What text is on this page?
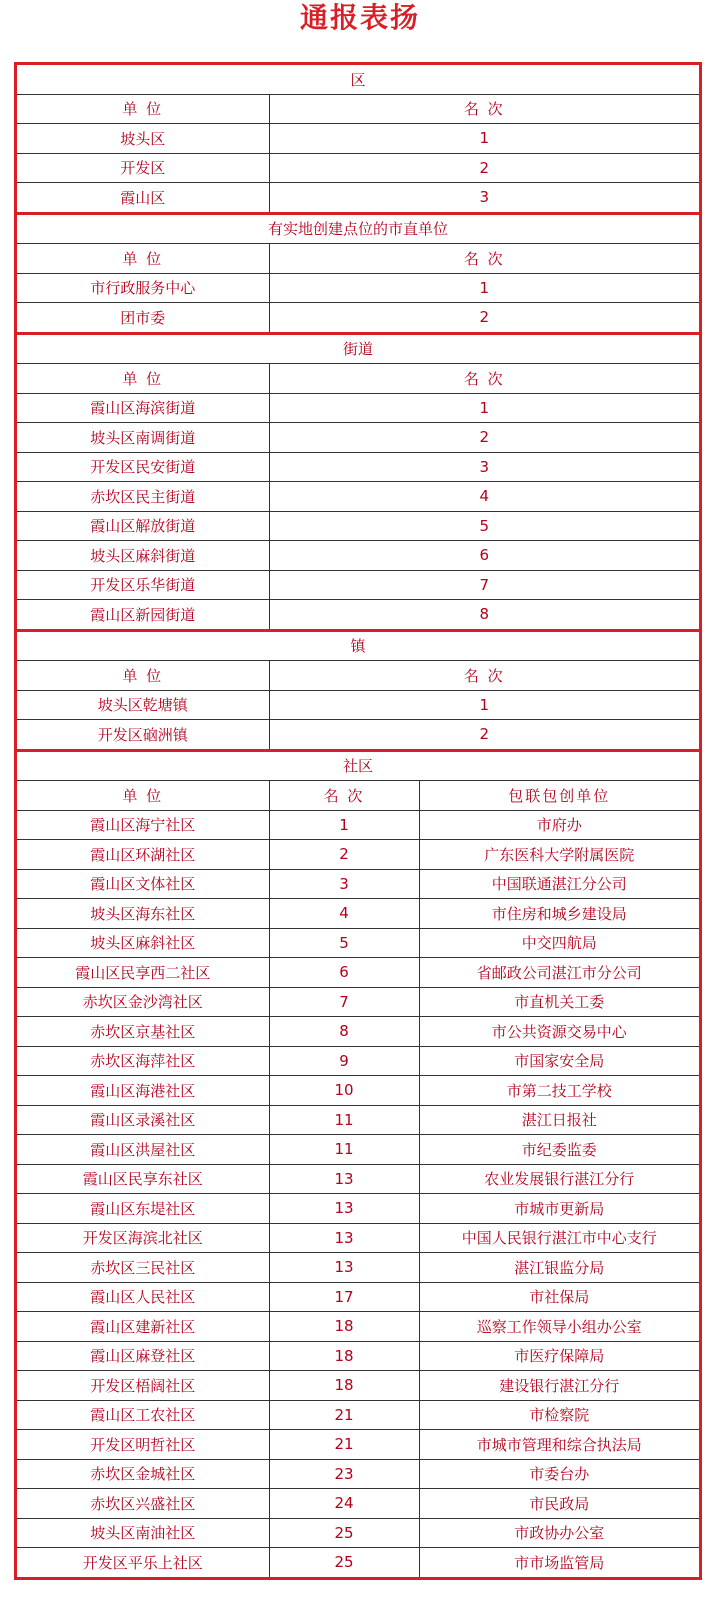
通报表扬
区	
单 位	名 次
坡头区	1
开发区	2
霞山区	3
有实地创建点位的市直单位	
单 位	名 次
市行政服务中心	1
团市委	2
街道	
单 位	名 次
霞山区海滨街道	1
坡头区南调街道	2
开发区民安街道	3
赤坎区民主街道	4
霞山区解放街道	5
坡头区麻斜街道	6
开发区乐华街道	7
霞山区新园街道	8
镇	
单 位	名 次
坡头区乾塘镇	1
开发区硇洲镇	2
社区		
单 位	名 次	包联包创单位
霞山区海宁社区	1	市府办
霞山区环湖社区	2	广东医科大学附属医院
霞山区文体社区	3	中国联通湛江分公司
坡头区海东社区	4	市住房和城乡建设局
坡头区麻斜社区	5	中交四航局
霞山区民享西二社区	6	省邮政公司湛江市分公司
赤坎区金沙湾社区	7	市直机关工委
赤坎区京基社区	8	市公共资源交易中心
赤坎区海萍社区	9	市国家安全局
霞山区海港社区	10	市第二技工学校
霞山区录溪社区	11	湛江日报社
霞山区洪屋社区	11	市纪委监委
霞山区民享东社区	13	农业发展银行湛江分行
霞山区东堤社区	13	市城市更新局
开发区海滨北社区	13	中国人民银行湛江市中心支行
赤坎区三民社区	13	湛江银监分局
霞山区人民社区	17	市社保局
霞山区建新社区	18	巡察工作领导小组办公室
霞山区麻登社区	18	市医疗保障局
开发区梧阔社区	18	建设银行湛江分行
霞山区工农社区	21	市检察院
开发区明哲社区	21	市城市管理和综合执法局
赤坎区金城社区	23	市委台办
赤坎区兴盛社区	24	市民政局
坡头区南油社区	25	市政协办公室
开发区平乐上社区	25	市市场监管局
